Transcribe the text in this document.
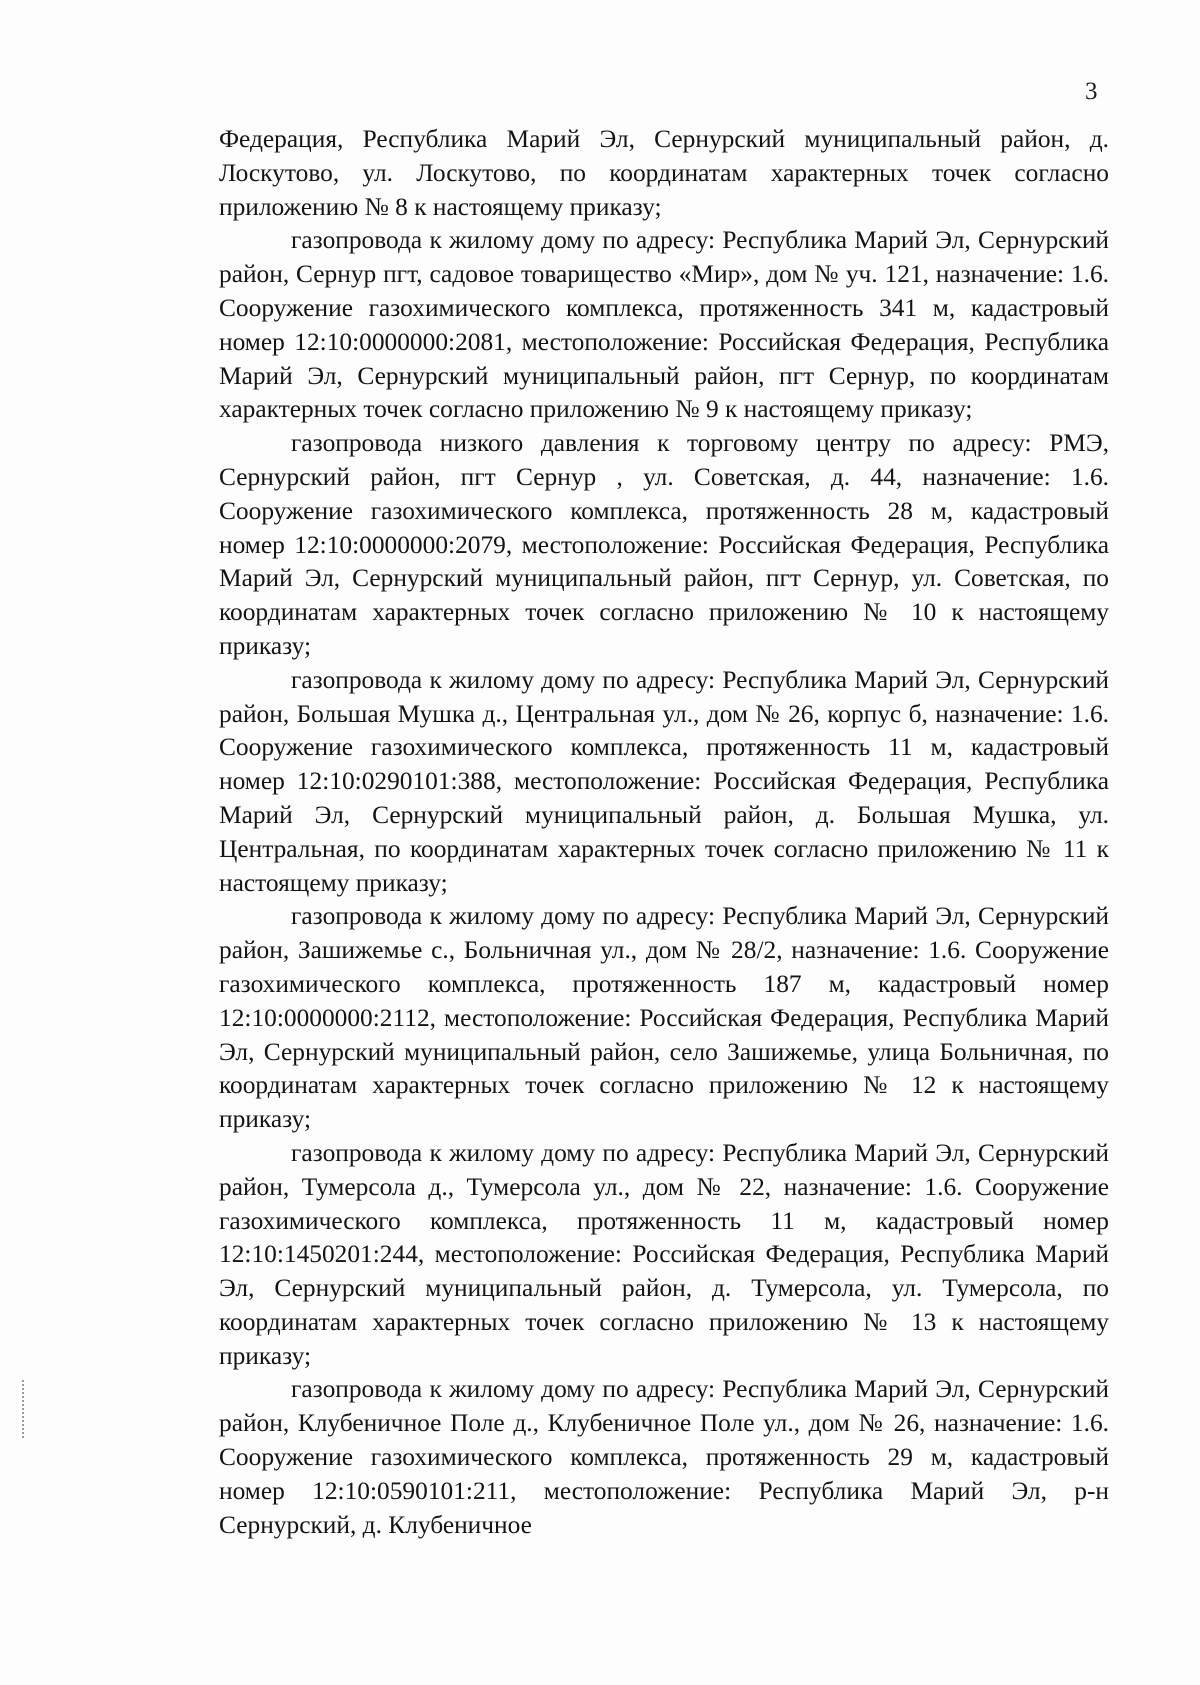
3

Федерация, Республика Марий Эл, Сернурский муниципальный район, д. Лоскутово, ул. Лоскутово, по координатам характерных точек согласно приложению № 8 к настоящему приказу;

газопровода к жилому дому по адресу: Республика Марий Эл, Сернурский район, Сернур пгт, садовое товарищество «Мир», дом № уч. 121, назначение: 1.6. Сооружение газохимического комплекса, протяженность 341 м, кадастровый номер 12:10:0000000:2081, местоположение: Российская Федерация, Республика Марий Эл, Сернурский муниципальный район, пгт Сернур, по координатам характерных точек согласно приложению № 9 к настоящему приказу;

газопровода низкого давления к торговому центру по адресу: РМЭ, Сернурский район, пгт Сернур , ул. Советская, д. 44, назначение: 1.6. Сооружение газохимического комплекса, протяженность 28 м, кадастровый номер 12:10:0000000:2079, местоположение: Российская Федерация, Республика Марий Эл, Сернурский муниципальный район, пгт Сернур, ул. Советская, по координатам характерных точек согласно приложению № 10 к настоящему приказу;

газопровода к жилому дому по адресу: Республика Марий Эл, Сернурский район, Большая Мушка д., Центральная ул., дом № 26, корпус б, назначение: 1.6. Сооружение газохимического комплекса, протяженность 11 м, кадастровый номер 12:10:0290101:388, местоположение: Российская Федерация, Республика Марий Эл, Сернурский муниципальный район, д. Большая Мушка, ул. Центральная, по координатам характерных точек согласно приложению № 11 к настоящему приказу;

газопровода к жилому дому по адресу: Республика Марий Эл, Сернурский район, Зашижемье с., Больничная ул., дом № 28/2, назначение: 1.6. Сооружение газохимического комплекса, протяженность 187 м, кадастровый номер 12:10:0000000:2112, местоположение: Российская Федерация, Республика Марий Эл, Сернурский муниципальный район, село Зашижемье, улица Больничная, по координатам характерных точек согласно приложению № 12 к настоящему приказу;

газопровода к жилому дому по адресу: Республика Марий Эл, Сернурский район, Тумерсола д., Тумерсола ул., дом № 22, назначение: 1.6. Сооружение газохимического комплекса, протяженность 11 м, кадастровый номер 12:10:1450201:244, местоположение: Российская Федерация, Республика Марий Эл, Сернурский муниципальный район, д. Тумерсола, ул. Тумерсола, по координатам характерных точек согласно приложению № 13 к настоящему приказу;

газопровода к жилому дому по адресу: Республика Марий Эл, Сернурский район, Клубеничное Поле д., Клубеничное Поле ул., дом № 26, назначение: 1.6. Сооружение газохимического комплекса, протяженность 29 м, кадастровый номер 12:10:0590101:211, местоположение: Республика Марий Эл, р-н Сернурский, д. Клубеничное
